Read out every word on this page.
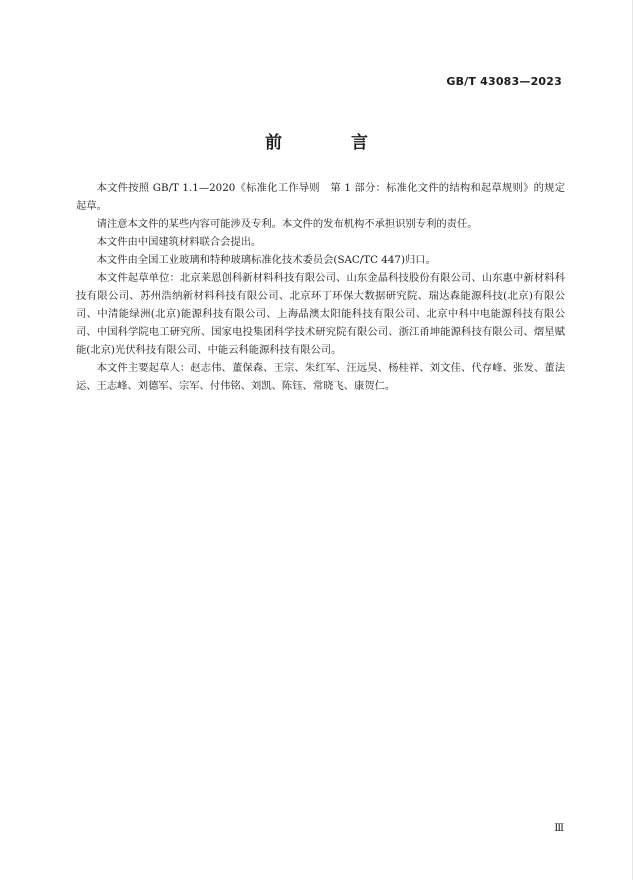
GB/T 43083—2023
前　言

本文件按照 GB/T 1.1—2020《标准化工作导则　第 1 部分：标准化文件的结构和起草规则》的规定起草。

请注意本文件的某些内容可能涉及专利。本文件的发布机构不承担识别专利的责任。

本文件由中国建筑材料联合会提出。

本文件由全国工业玻璃和特种玻璃标准化技术委员会(SAC/TC 447)归口。

本文件起草单位：北京莱恩创科新材料科技有限公司、山东金晶科技股份有限公司、山东惠中新材料科技有限公司、苏州浩纳新材料科技有限公司、北京环丁环保大数据研究院、瑞达森能源科技(北京)有限公司、中清能绿洲(北京)能源科技有限公司、上海晶澳太阳能科技有限公司、北京中科中电能源科技有限公司、中国科学院电工研究所、国家电投集团科学技术研究院有限公司、浙江甬坤能源科技有限公司、熠星赋能(北京)光伏科技有限公司、中能云科能源科技有限公司。

本文件主要起草人：赵志伟、董保森、王宗、朱红军、汪远昊、杨桂祥、刘文佳、代存峰、张发、董法运、王志峰、刘德军、宗军、付伟铭、刘凯、陈钰、常晓飞、康贺仁。

Ⅲ
